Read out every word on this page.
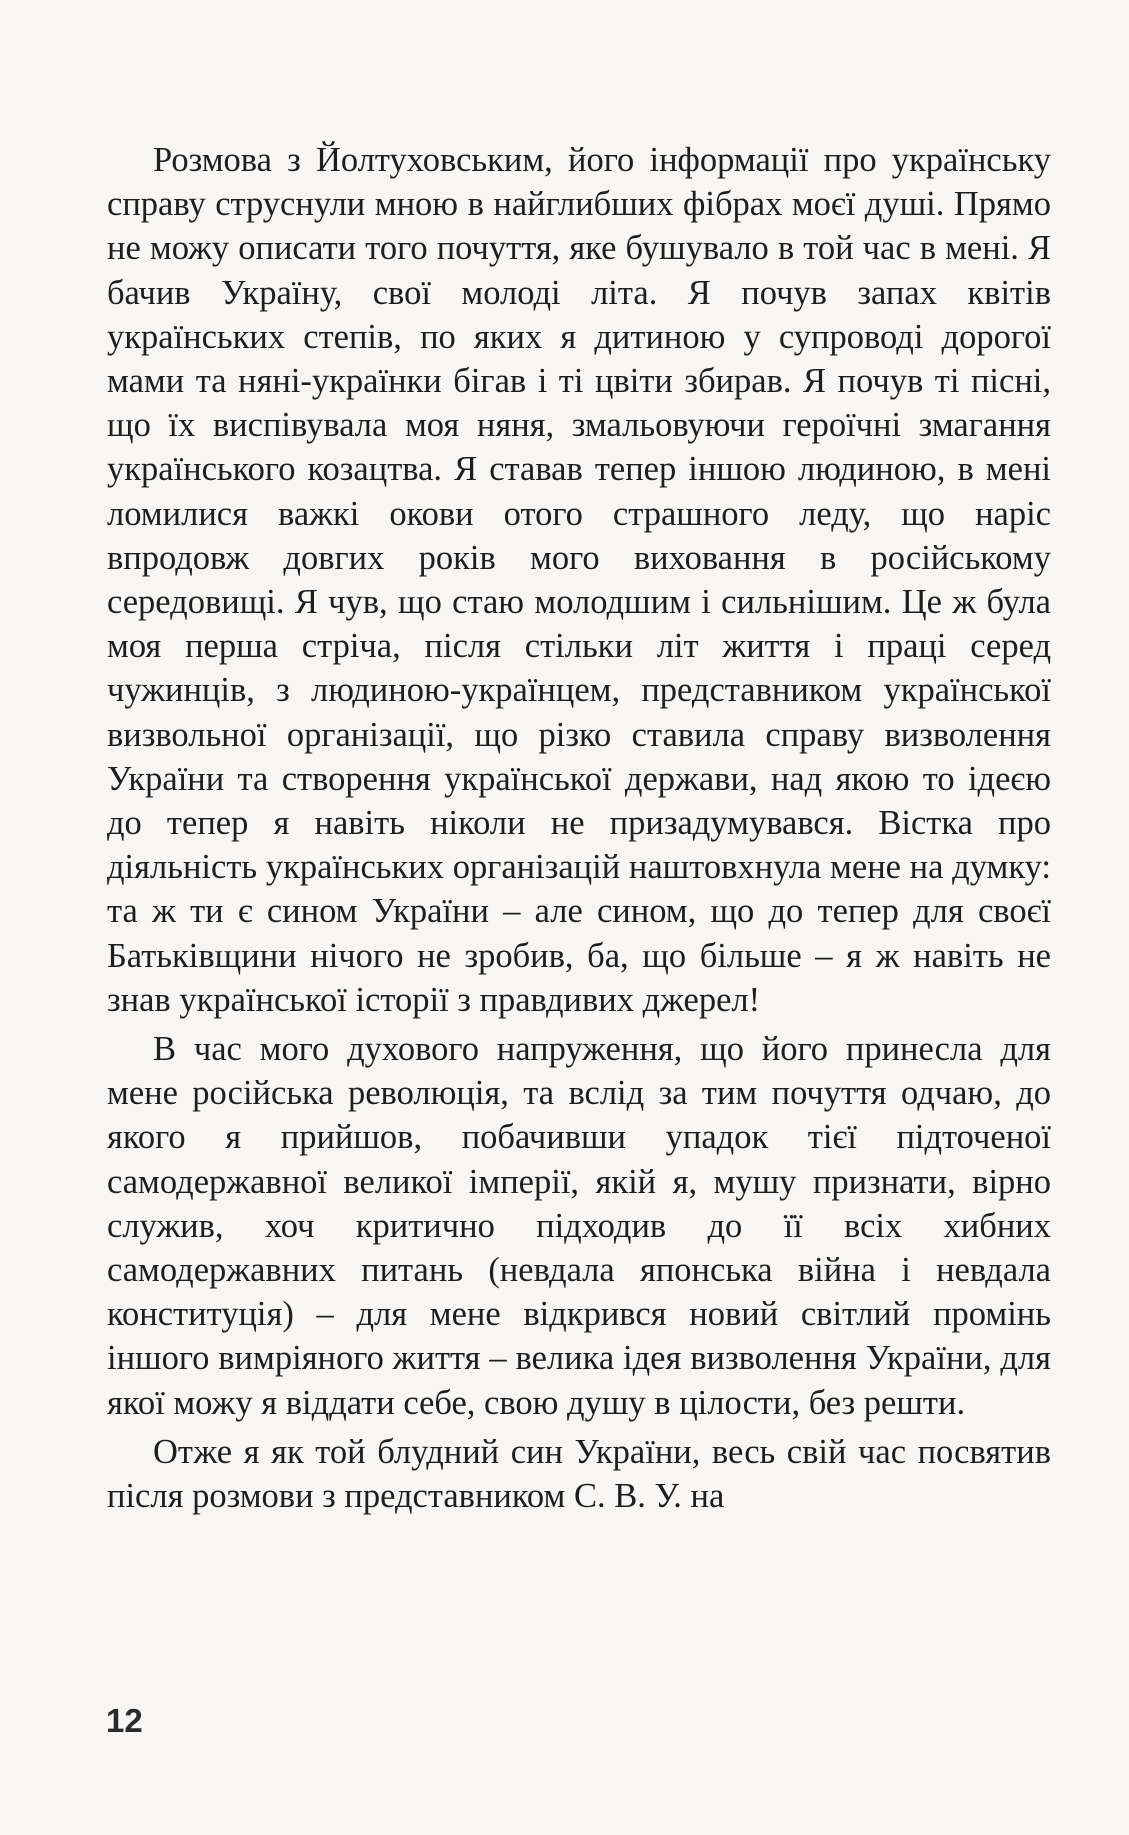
Розмова з Йолтуховським, його інформації про українську справу струснули мною в найглибших фібрах моєї душі. Прямо не можу описати того почуття, яке бушувало в той час в мені. Я бачив Україну, свої молоді літа. Я почув запах квітів українських степів, по яких я дитиною у супроводі дорогої мами та няні-українки бігав і ті цвіти збирав. Я почув ті пісні, що їх виспівувала моя няня, змальовуючи героїчні змагання українського козацтва. Я ставав тепер іншою людиною, в мені ломилися важкі окови отого страшного леду, що наріс впродовж довгих років мого виховання в російському середовищі. Я чув, що стаю молодшим і сильнішим. Це ж була моя перша стріча, після стільки літ життя і праці серед чужинців, з людиною-українцем, представником української визвольної організації, що різко ставила справу визволення України та створення української держави, над якою то ідеєю до тепер я навіть ніколи не призадумувався. Вістка про діяльність українських організацій наштовхнула мене на думку: та ж ти є сином України – але сином, що до тепер для своєї Батьківщини нічого не зробив, ба, що більше – я ж навіть не знав української історії з правдивих джерел!

В час мого духового напруження, що його принесла для мене російська революція, та вслід за тим почуття одчаю, до якого я прийшов, побачивши упадок тієї підточеної самодержавної великої імперії, якій я, мушу признати, вірно служив, хоч критично підходив до її всіх хибних самодержавних питань (невдала японська війна і невдала конституція) – для мене відкрився новий світлий промінь іншого вимріяного життя – велика ідея визволення України, для якої можу я віддати себе, свою душу в цілости, без решти.

Отже я як той блудний син України, весь свій час посвятив після розмови з представником С. В. У. на

12
